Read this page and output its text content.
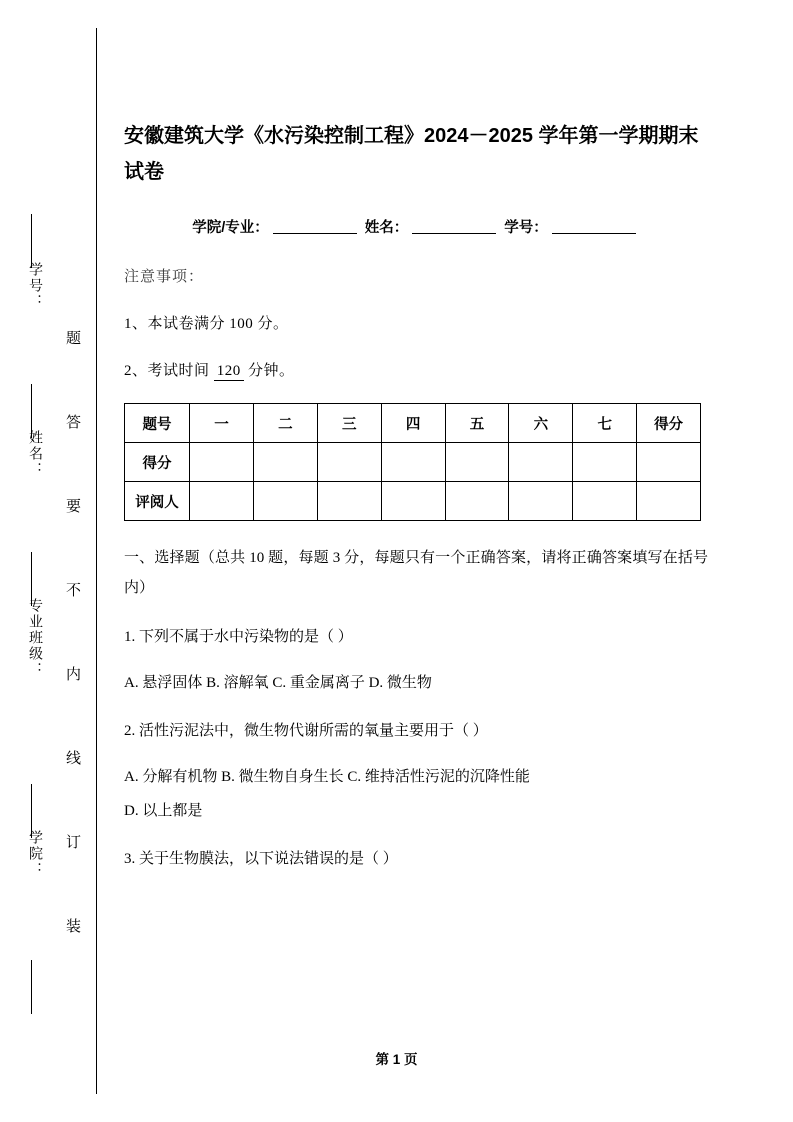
学号：
姓名：
专业班级：
学院： 题 答 要 不 内 线 订 装
安徽建筑大学《水污染控制工程》2024－2025 学年第一学期期末试卷
学院/专业：	姓名：	学号：
注意事项：
1、本试卷满分 100 分。
2、考试时间 120 分钟。
题号	一	二	三	四	五	六	七	得分
得分								
评阅人								
一、选择题（总共 10 题，每题 3 分，每题只有一个正确答案，请将正确答案填写在括号内）
1. 下列不属于水中污染物的是（ ）
A. 悬浮固体 B. 溶解氧 C. 重金属离子 D. 微生物
2. 活性污泥法中，微生物代谢所需的氧量主要用于（ ）
A. 分解有机物 B. 微生物自身生长 C. 维持活性污泥的沉降性能
D. 以上都是
3. 关于生物膜法，以下说法错误的是（ ）
第 1 页
